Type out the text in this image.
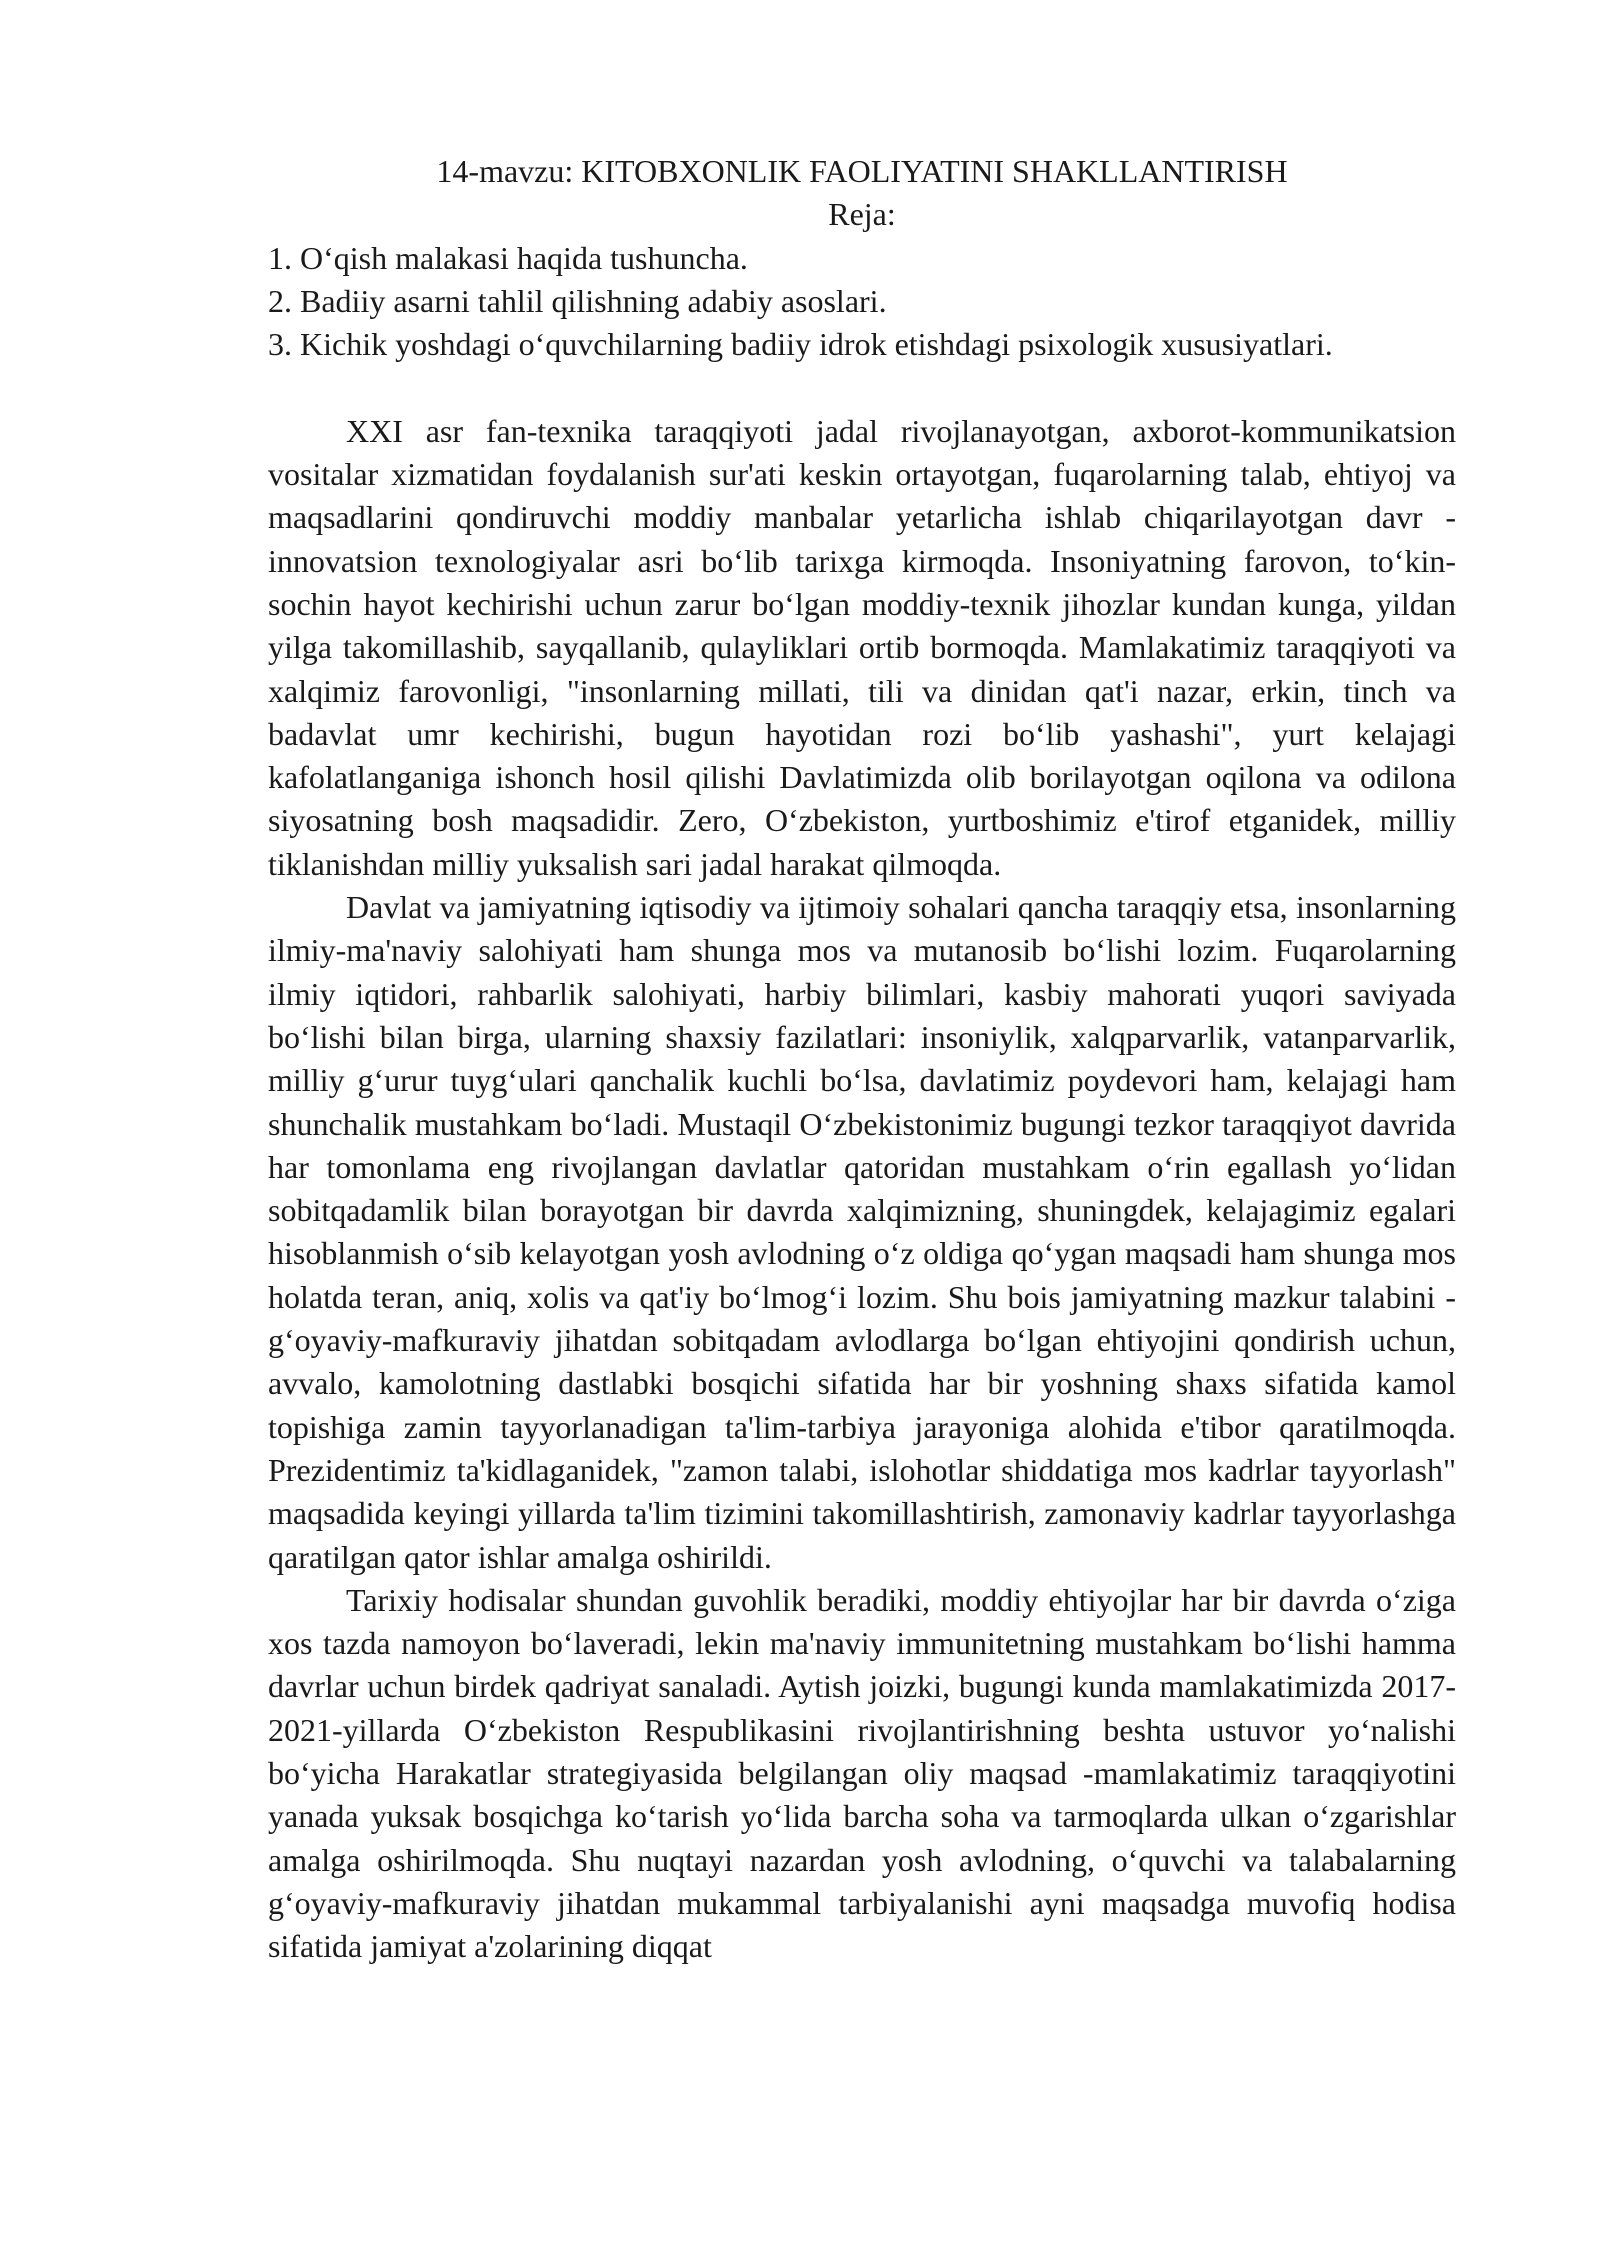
14-mavzu: KITOBXONLIK FAOLIYATINI SHAKLLANTIRISH
Reja:
1. O‘qish malakasi haqida tushuncha.
2. Badiiy asarni tahlil qilishning adabiy asoslari.
3. Kichik yoshdagi o‘quvchilarning badiiy idrok etishdagi psixologik xususiyatlari.

XXI asr fan-texnika taraqqiyoti jadal rivojlanayotgan, axborot-kommunikatsion vositalar xizmatidan foydalanish sur'ati keskin ortayotgan, fuqarolarning talab, ehtiyoj va maqsadlarini qondiruvchi moddiy manbalar yetarlicha ishlab chiqarilayotgan davr -innovatsion texnologiyalar asri bo‘lib tarixga kirmoqda. Insoniyatning farovon, to‘kin-sochin hayot kechirishi uchun zarur bo‘lgan moddiy-texnik jihozlar kundan kunga, yildan yilga takomillashib, sayqallanib, qulayliklari ortib bormoqda. Mamlakatimiz taraqqiyoti va xalqimiz farovonligi, "insonlarning millati, tili va dinidan qat'i nazar, erkin, tinch va badavlat umr kechirishi, bugun hayotidan rozi bo‘lib yashashi", yurt kelajagi kafolatlanganiga ishonch hosil qilishi Davlatimizda olib borilayotgan oqilona va odilona siyosatning bosh maqsadidir. Zero, O‘zbekiston, yurtboshimiz e'tirof etganidek, milliy tiklanishdan milliy yuksalish sari jadal harakat qilmoqda.

Davlat va jamiyatning iqtisodiy va ijtimoiy sohalari qancha taraqqiy etsa, insonlarning ilmiy-ma'naviy salohiyati ham shunga mos va mutanosib bo‘lishi lozim. Fuqarolarning ilmiy iqtidori, rahbarlik salohiyati, harbiy bilimlari, kasbiy mahorati yuqori saviyada bo‘lishi bilan birga, ularning shaxsiy fazilatlari: insoniylik, xalqparvarlik, vatanparvarlik, milliy g‘urur tuyg‘ulari qanchalik kuchli bo‘lsa, davlatimiz poydevori ham, kelajagi ham shunchalik mustahkam bo‘ladi. Mustaqil O‘zbekistonimiz bugungi tezkor taraqqiyot davrida har tomonlama eng rivojlangan davlatlar qatoridan mustahkam o‘rin egallash yo‘lidan sobitqadamlik bilan borayotgan bir davrda xalqimizning, shuningdek, kelajagimiz egalari hisoblanmish o‘sib kelayotgan yosh avlodning o‘z oldiga qo‘ygan maqsadi ham shunga mos holatda teran, aniq, xolis va qat'iy bo‘lmog‘i lozim. Shu bois jamiyatning mazkur talabini - g‘oyaviy-mafkuraviy jihatdan sobitqadam avlodlarga bo‘lgan ehtiyojini qondirish uchun, avvalo, kamolotning dastlabki bosqichi sifatida har bir yoshning shaxs sifatida kamol topishiga zamin tayyorlanadigan ta'lim-tarbiya jarayoniga alohida e'tibor qaratilmoqda. Prezidentimiz ta'kidlaganidek, "zamon talabi, islohotlar shiddatiga mos kadrlar tayyorlash" maqsadida keyingi yillarda ta'lim tizimini takomillashtirish, zamonaviy kadrlar tayyorlashga qaratilgan qator ishlar amalga oshirildi.

Tarixiy hodisalar shundan guvohlik beradiki, moddiy ehtiyojlar har bir davrda o‘ziga xos tazda namoyon bo‘laveradi, lekin ma'naviy immunitetning mustahkam bo‘lishi hamma davrlar uchun birdek qadriyat sanaladi. Aytish joizki, bugungi kunda mamlakatimizda 2017-2021-yillarda O‘zbekiston Respublikasini rivojlantirishning beshta ustuvor yo‘nalishi bo‘yicha Harakatlar strategiyasida belgilangan oliy maqsad -mamlakatimiz taraqqiyotini yanada yuksak bosqichga ko‘tarish yo‘lida barcha soha va tarmoqlarda ulkan o‘zgarishlar amalga oshirilmoqda. Shu nuqtayi nazardan yosh avlodning, o‘quvchi va talabalarning g‘oyaviy-mafkuraviy jihatdan mukammal tarbiyalanishi ayni maqsadga muvofiq hodisa sifatida jamiyat a'zolarining diqqat
